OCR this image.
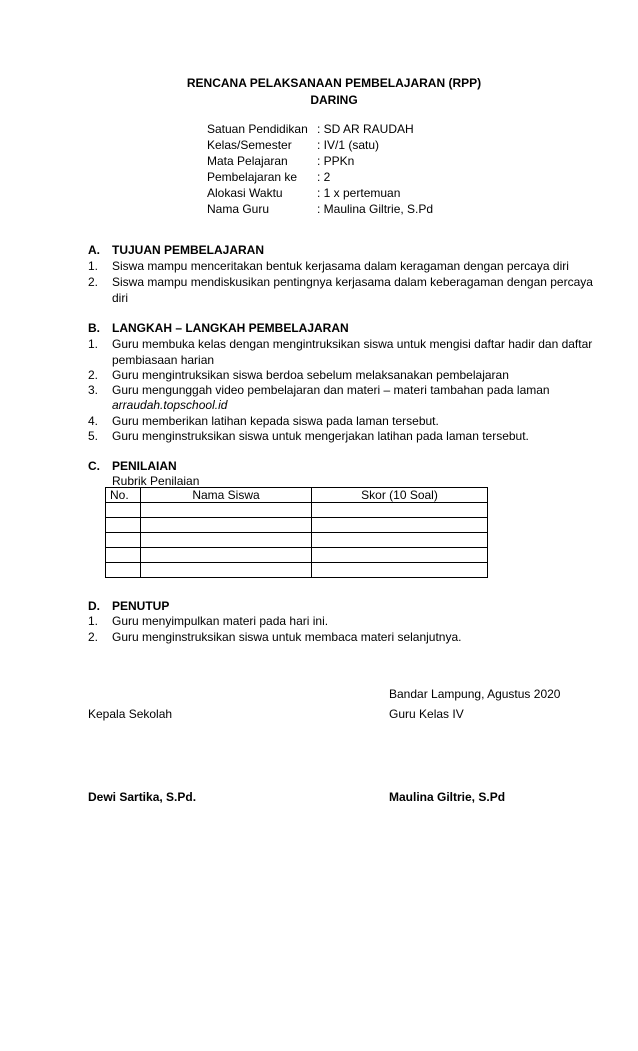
RENCANA PELAKSANAAN PEMBELAJARAN (RPP)
DARING
Satuan Pendidikan : SD AR RAUDAH
Kelas/Semester : IV/1 (satu)
Mata Pelajaran : PPKn
Pembelajaran ke : 2
Alokasi Waktu	: 1 x pertemuan
Nama Guru	: Maulina Giltrie, S.Pd
A. TUJUAN PEMBELAJARAN
1. Siswa mampu menceritakan bentuk kerjasama dalam keragaman dengan percaya diri
2. Siswa mampu mendiskusikan pentingnya kerjasama dalam keberagaman dengan percaya
diri
B. LANGKAH – LANGKAH PEMBELAJARAN
1. Guru membuka kelas dengan mengintruksikan siswa untuk mengisi daftar hadir dan daftar
pembiasaan harian
2. Guru mengintruksikan siswa berdoa sebelum melaksanakan pembelajaran
3. Guru mengunggah video pembelajaran dan materi – materi tambahan pada laman
arraudah.topschool.id
4. Guru memberikan latihan kepada siswa pada laman tersebut.
5. Guru menginstruksikan siswa untuk mengerjakan latihan pada laman tersebut.
C. PENILAIAN
Rubrik Penilaian
No.	Nama Siswa	Skor (10 Soal)

D. PENUTUP
1. Guru menyimpulkan materi pada hari ini.
2. Guru menginstruksikan siswa untuk membaca materi selanjutnya.
Bandar Lampung, Agustus 2020
Kepala Sekolah	Guru Kelas IV
Dewi Sartika, S.Pd.	Maulina Giltrie, S.Pd
